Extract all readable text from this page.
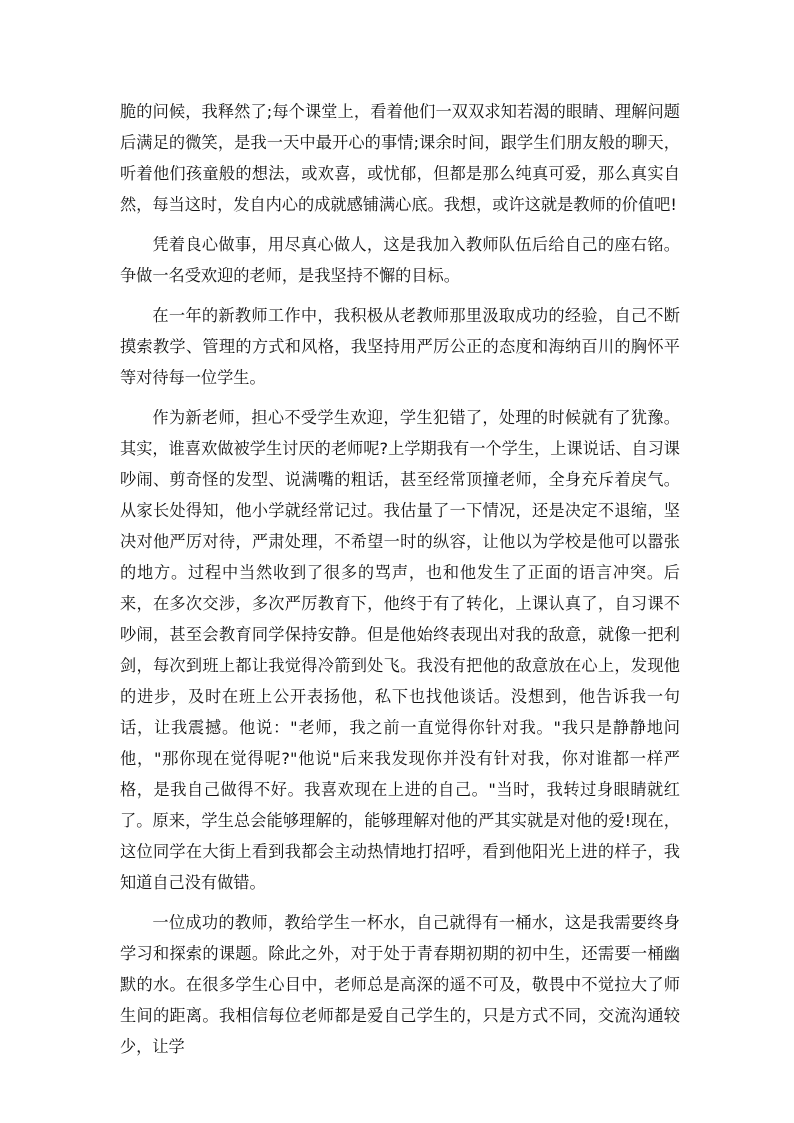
脆的问候，我释然了;每个课堂上，看着他们一双双求知若渴的眼睛、理解问题后满足的微笑，是我一天中最开心的事情;课余时间，跟学生们朋友般的聊天，听着他们孩童般的想法，或欢喜，或忧郁，但都是那么纯真可爱，那么真实自然，每当这时，发自内心的成就感铺满心底。我想，或许这就是教师的价值吧!

凭着良心做事，用尽真心做人，这是我加入教师队伍后给自己的座右铭。争做一名受欢迎的老师，是我坚持不懈的目标。

在一年的新教师工作中，我积极从老教师那里汲取成功的经验，自己不断摸索教学、管理的方式和风格，我坚持用严厉公正的态度和海纳百川的胸怀平等对待每一位学生。

作为新老师，担心不受学生欢迎，学生犯错了，处理的时候就有了犹豫。其实，谁喜欢做被学生讨厌的老师呢?上学期我有一个学生，上课说话、自习课吵闹、剪奇怪的发型、说满嘴的粗话，甚至经常顶撞老师，全身充斥着戾气。从家长处得知，他小学就经常记过。我估量了一下情况，还是决定不退缩，坚决对他严厉对待，严肃处理，不希望一时的纵容，让他以为学校是他可以嚣张的地方。过程中当然收到了很多的骂声，也和他发生了正面的语言冲突。后来，在多次交涉，多次严厉教育下，他终于有了转化，上课认真了，自习课不吵闹，甚至会教育同学保持安静。但是他始终表现出对我的敌意，就像一把利剑，每次到班上都让我觉得冷箭到处飞。我没有把他的敌意放在心上，发现他的进步，及时在班上公开表扬他，私下也找他谈话。没想到，他告诉我一句话，让我震撼。他说："老师，我之前一直觉得你针对我。"我只是静静地问他，"那你现在觉得呢?"他说"后来我发现你并没有针对我，你对谁都一样严格，是我自己做得不好。我喜欢现在上进的自己。"当时，我转过身眼睛就红了。原来，学生总会能够理解的，能够理解对他的严其实就是对他的爱!现在，这位同学在大街上看到我都会主动热情地打招呼，看到他阳光上进的样子，我知道自己没有做错。

一位成功的教师，教给学生一杯水，自己就得有一桶水，这是我需要终身学习和探索的课题。除此之外，对于处于青春期初期的初中生，还需要一桶幽默的水。在很多学生心目中，老师总是高深的遥不可及，敬畏中不觉拉大了师生间的距离。我相信每位老师都是爱自己学生的，只是方式不同，交流沟通较少，让学
